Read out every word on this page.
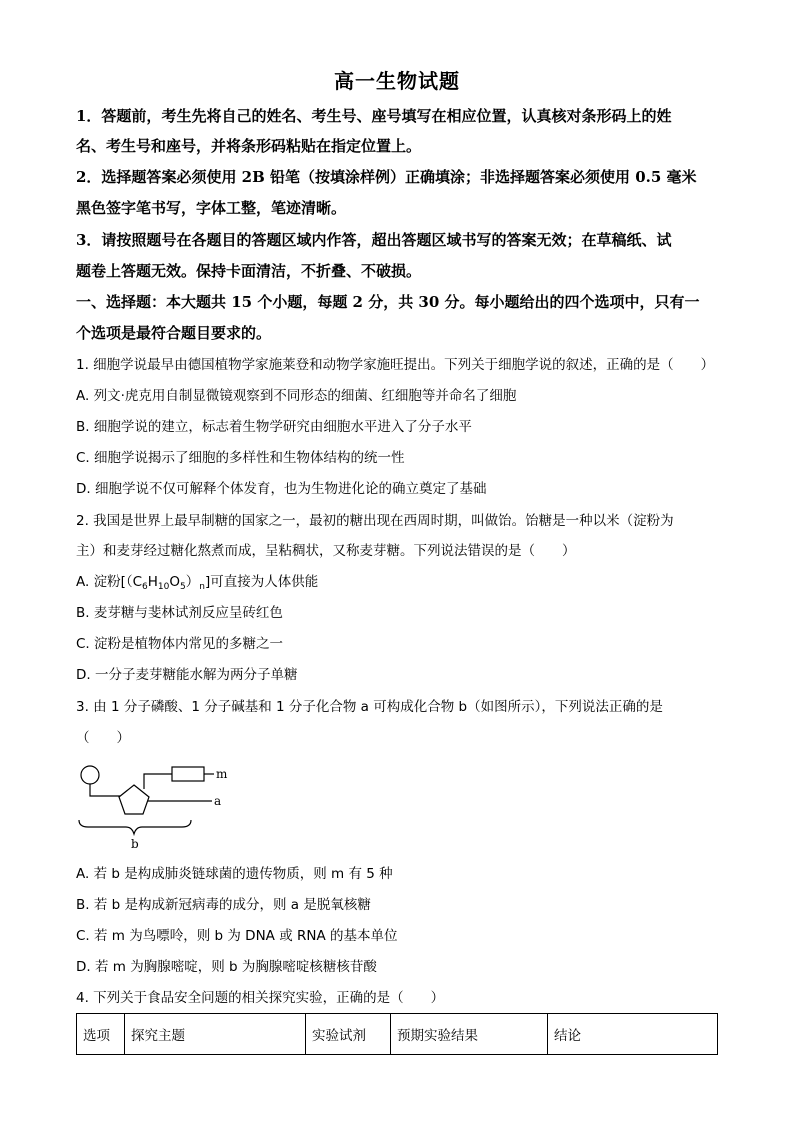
高一生物试题
1．答题前，考生先将自己的姓名、考生号、座号填写在相应位置，认真核对条形码上的姓
名、考生号和座号，并将条形码粘贴在指定位置上。
2．选择题答案必须使用 2B 铅笔（按填涂样例）正确填涂；非选择题答案必须使用 0.5 毫米
黑色签字笔书写，字体工整，笔迹清晰。
3．请按照题号在各题目的答题区域内作答，超出答题区域书写的答案无效；在草稿纸、试
题卷上答题无效。保持卡面清洁，不折叠、不破损。
一、选择题：本大题共 15 个小题，每题 2 分，共 30 分。每小题给出的四个选项中，只有一
个选项是最符合题目要求的。
1. 细胞学说最早由德国植物学家施莱登和动物学家施旺提出。下列关于细胞学说的叙述，正确的是（　　）
A. 列文·虎克用自制显微镜观察到不同形态的细菌、红细胞等并命名了细胞
B. 细胞学说的建立，标志着生物学研究由细胞水平进入了分子水平
C. 细胞学说揭示了细胞的多样性和生物体结构的统一性
D. 细胞学说不仅可解释个体发育，也为生物进化论的确立奠定了基础
2. 我国是世界上最早制糖的国家之一，最初的糖出现在西周时期，叫做饴。饴糖是一种以米（淀粉为
主）和麦芽经过糖化熬煮而成，呈粘稠状，又称麦芽糖。下列说法错误的是（　　）
A. 淀粉$[(C_6H_{10}O_5)_n]$可直接为人体供能
B. 麦芽糖与斐林试剂反应呈砖红色
C. 淀粉是植物体内常见的多糖之一
D. 一分子麦芽糖能水解为两分子单糖
3. 由 1 分子磷酸、1 分子碱基和 1 分子化合物 a 可构成化合物 b（如图所示），下列说法正确的是
（　　）
m
a
b
A. 若 b 是构成肺炎链球菌的遗传物质，则 m 有 5 种
B. 若 b 是构成新冠病毒的成分，则 a 是脱氧核糖
C. 若 m 为鸟嘌呤，则 b 为 DNA 或 RNA 的基本单位
D. 若 m 为胸腺嘧啶，则 b 为胸腺嘧啶核糖核苷酸
4. 下列关于食品安全问题的相关探究实验，正确的是（　　）
选项	探究主题	实验试剂	预期实验结果	结论
